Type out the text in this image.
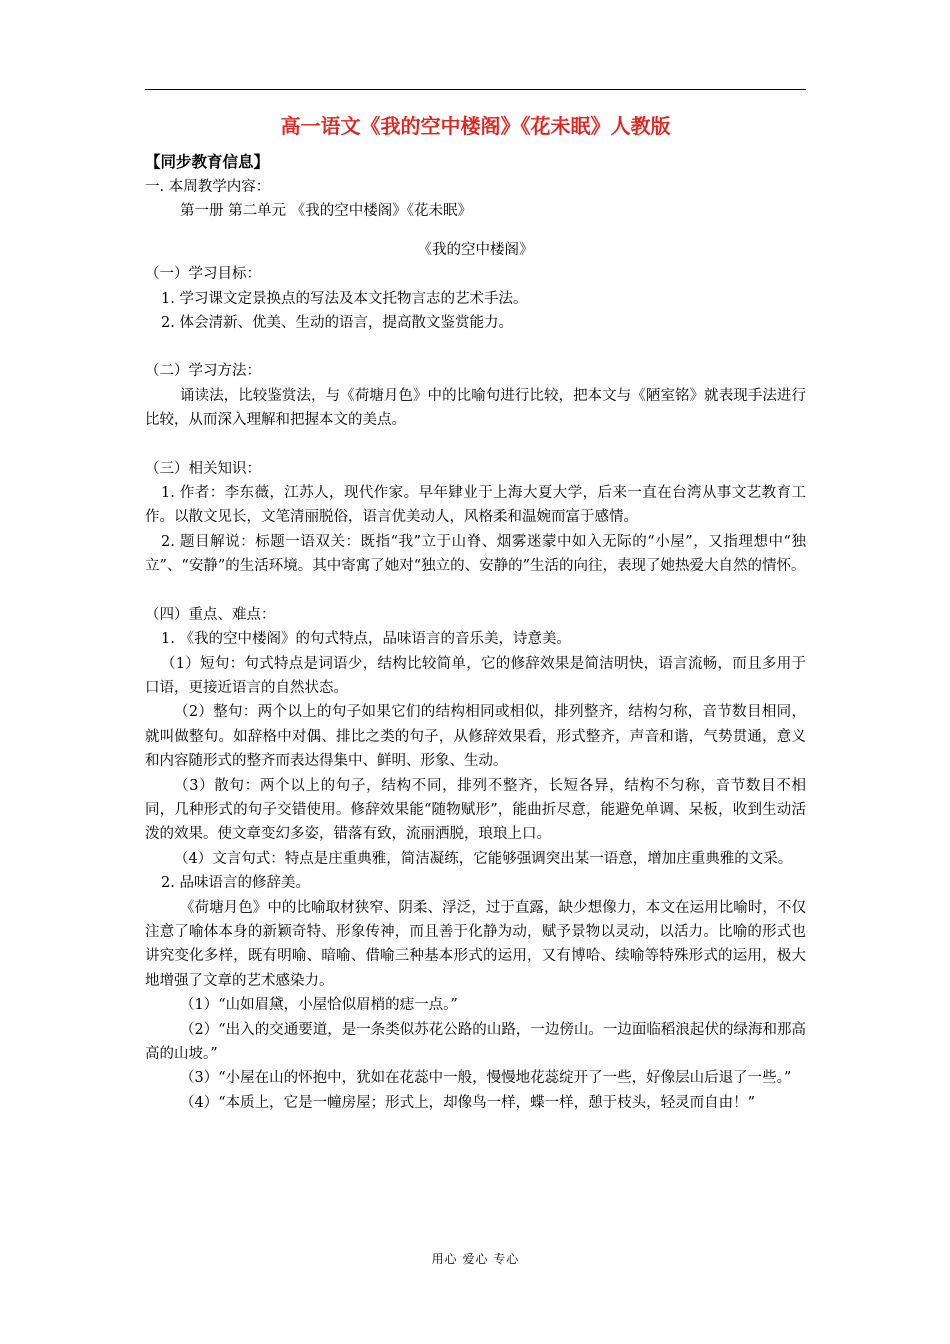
高一语文《我的空中楼阁》《花未眠》人教版

【同步教育信息】

一. 本周教学内容：

第一册 第二单元 《我的空中楼阁》《花未眠》

《我的空中楼阁》

（一）学习目标：

1. 学习课文定景换点的写法及本文托物言志的艺术手法。

2. 体会清新、优美、生动的语言，提高散文鉴赏能力。

（二）学习方法：

诵读法，比较鉴赏法，与《荷塘月色》中的比喻句进行比较，把本文与《陋室铭》就表现手法进行比较，从而深入理解和把握本文的美点。

（三）相关知识：

1. 作者：李东薇，江苏人，现代作家。早年肄业于上海大夏大学，后来一直在台湾从事文艺教育工作。以散文见长，文笔清丽脱俗，语言优美动人，风格柔和温婉而富于感情。

2. 题目解说：标题一语双关：既指“我”立于山脊、烟雾迷蒙中如入无际的“小屋”，又指理想中“独立”、“安静”的生活环境。其中寄寓了她对“独立的、安静的”生活的向往，表现了她热爱大自然的情怀。

（四）重点、难点：

1. 《我的空中楼阁》的句式特点，品味语言的音乐美，诗意美。

（1）短句：句式特点是词语少，结构比较简单，它的修辞效果是简洁明快，语言流畅，而且多用于口语，更接近语言的自然状态。

（2）整句：两个以上的句子如果它们的结构相同或相似，排列整齐，结构匀称，音节数目相同，就叫做整句。如辞格中对偶、排比之类的句子，从修辞效果看，形式整齐，声音和谐，气势贯通，意义和内容随形式的整齐而表达得集中、鲜明、形象、生动。

（3）散句：两个以上的句子，结构不同，排列不整齐，长短各异，结构不匀称，音节数目不相同，几种形式的句子交错使用。修辞效果能“随物赋形”，能曲折尽意，能避免单调、呆板，收到生动活泼的效果。使文章变幻多姿，错落有致，流丽洒脱，琅琅上口。

（4）文言句式：特点是庄重典雅，简洁凝练，它能够强调突出某一语意，增加庄重典雅的文采。

2. 品味语言的修辞美。

《荷塘月色》中的比喻取材狭窄、阴柔、浮泛，过于直露，缺少想像力，本文在运用比喻时，不仅注意了喻体本身的新颖奇特、形象传神，而且善于化静为动，赋予景物以灵动，以活力。比喻的形式也讲究变化多样，既有明喻、暗喻、借喻三种基本形式的运用，又有博哈、续喻等特殊形式的运用，极大地增强了文章的艺术感染力。

（1）“山如眉黛，小屋恰似眉梢的痣一点。”

（2）“出入的交通要道，是一条类似苏花公路的山路，一边傍山。一边面临稻浪起伏的绿海和那高高的山坡。”

（3）“小屋在山的怀抱中，犹如在花蕊中一般，慢慢地花蕊绽开了一些，好像层山后退了一些。”

（4）“本质上，它是一幢房屋；形式上，却像鸟一样，蝶一样，憩于枝头，轻灵而自由！”

用心 爱心 专心
